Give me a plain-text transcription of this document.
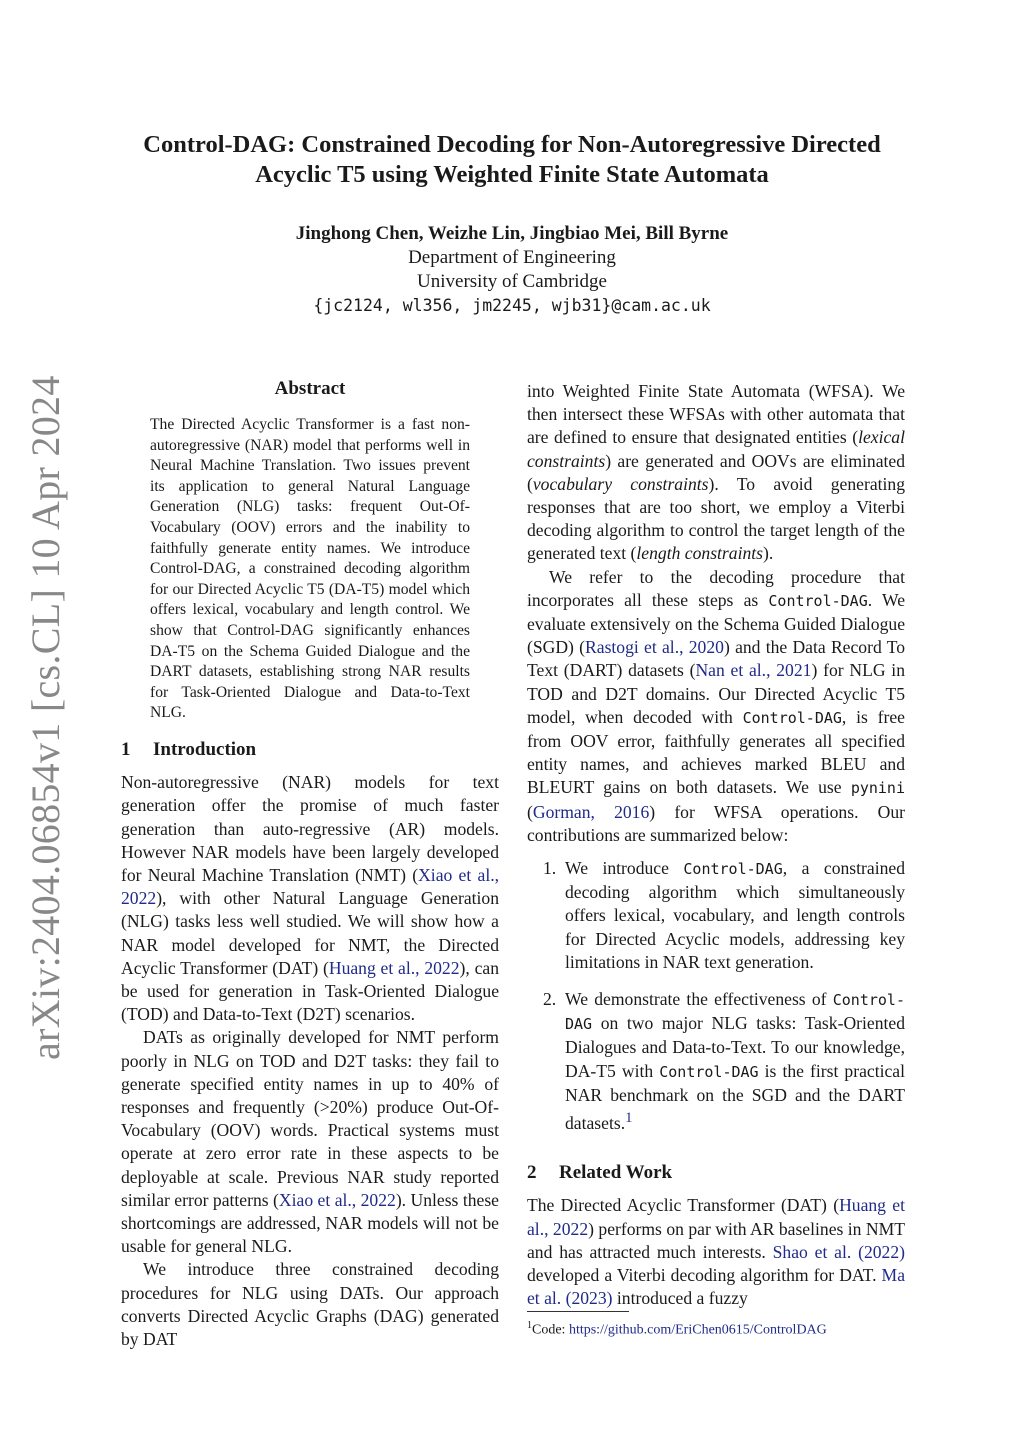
arXiv:2404.06854v1 [cs.CL] 10 Apr 2024
Control-DAG: Constrained Decoding for Non-Autoregressive Directed
Acyclic T5 using Weighted Finite State Automata
Jinghong Chen, Weizhe Lin, Jingbiao Mei, Bill Byrne
Department of Engineering
University of Cambridge
{jc2124, wl356, jm2245, wjb31}@cam.ac.uk
Abstract
The Directed Acyclic Transformer is a fast non-autoregressive (NAR) model that performs well in Neural Machine Translation. Two issues prevent its application to general Natural Language Generation (NLG) tasks: frequent Out-Of-Vocabulary (OOV) errors and the inability to faithfully generate entity names. We introduce Control-DAG, a constrained decoding algorithm for our Directed Acyclic T5 (DA-T5) model which offers lexical, vocabulary and length control. We show that Control-DAG significantly enhances DA-T5 on the Schema Guided Dialogue and the DART datasets, establishing strong NAR results for Task-Oriented Dialogue and Data-to-Text NLG.
1 Introduction

Non-autoregressive (NAR) models for text generation offer the promise of much faster generation than auto-regressive (AR) models. However NAR models have been largely developed for Neural Machine Translation (NMT) (Xiao et al., 2022), with other Natural Language Generation (NLG) tasks less well studied. We will show how a NAR model developed for NMT, the Directed Acyclic Transformer (DAT) (Huang et al., 2022), can be used for generation in Task-Oriented Dialogue (TOD) and Data-to-Text (D2T) scenarios.

DATs as originally developed for NMT perform poorly in NLG on TOD and D2T tasks: they fail to generate specified entity names in up to 40% of responses and frequently (>20%) produce Out-Of-Vocabulary (OOV) words. Practical systems must operate at zero error rate in these aspects to be deployable at scale. Previous NAR study reported similar error patterns (Xiao et al., 2022). Unless these shortcomings are addressed, NAR models will not be usable for general NLG.

We introduce three constrained decoding procedures for NLG using DATs. Our approach converts Directed Acyclic Graphs (DAG) generated by DAT

into Weighted Finite State Automata (WFSA). We then intersect these WFSAs with other automata that are defined to ensure that designated entities (lexical constraints) are generated and OOVs are eliminated (vocabulary constraints). To avoid generating responses that are too short, we employ a Viterbi decoding algorithm to control the target length of the generated text (length constraints).

We refer to the decoding procedure that incorporates all these steps as Control-DAG. We evaluate extensively on the Schema Guided Dialogue (SGD) (Rastogi et al., 2020) and the Data Record To Text (DART) datasets (Nan et al., 2021) for NLG in TOD and D2T domains. Our Directed Acyclic T5 model, when decoded with Control-DAG, is free from OOV error, faithfully generates all specified entity names, and achieves marked BLEU and BLEURT gains on both datasets. We use pynini (Gorman, 2016) for WFSA operations. Our contributions are summarized below:

1. We introduce Control-DAG, a constrained decoding algorithm which simultaneously offers lexical, vocabulary, and length controls for Directed Acyclic models, addressing key limitations in NAR text generation.
2. We demonstrate the effectiveness of Control-DAG on two major NLG tasks: Task-Oriented Dialogues and Data-to-Text. To our knowledge, DA-T5 with Control-DAG is the first practical NAR benchmark on the SGD and the DART datasets.$^1$
2 Related Work

The Directed Acyclic Transformer (DAT) (Huang et al., 2022) performs on par with AR baselines in NMT and has attracted much interests. Shao et al. (2022) developed a Viterbi decoding algorithm for DAT. Ma et al. (2023) introduced a fuzzy

$^1$Code: https://github.com/EriChen0615/ControlDAG
